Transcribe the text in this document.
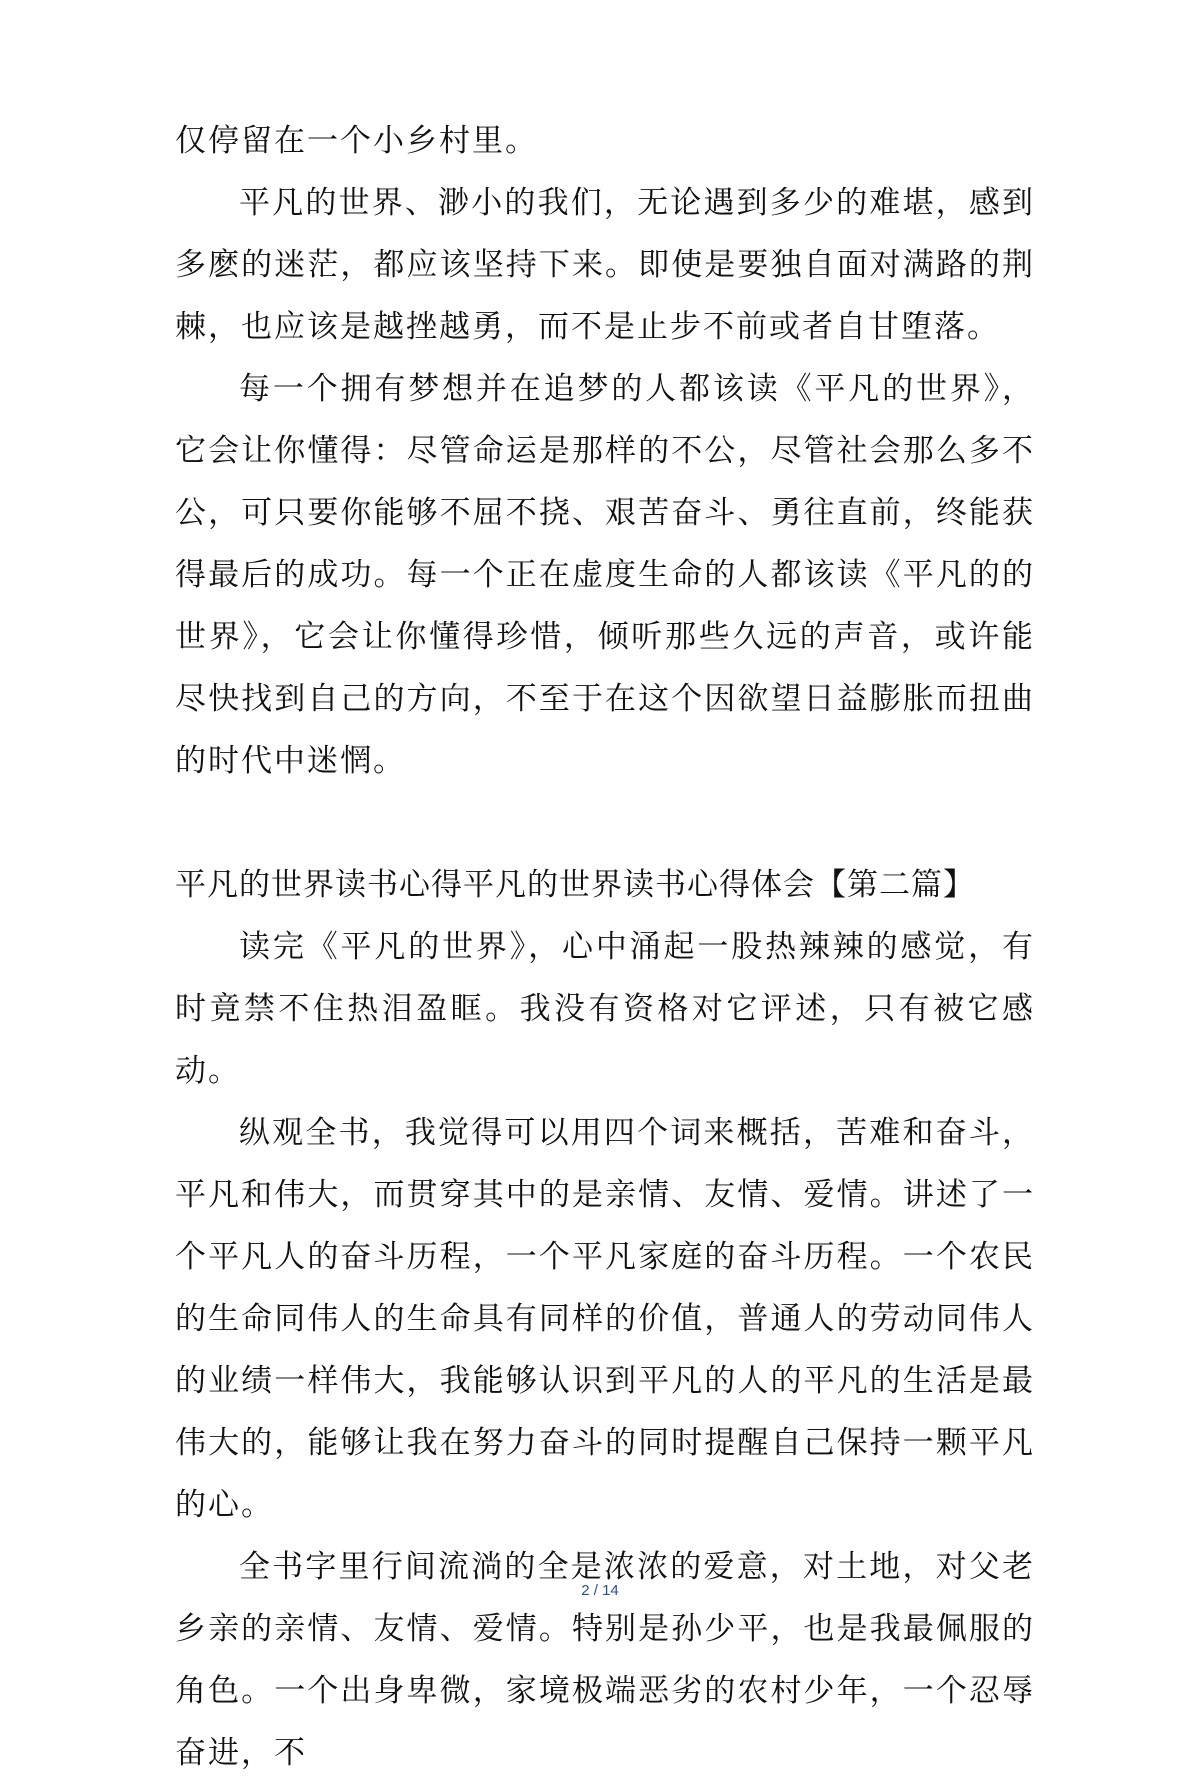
仅停留在一个小乡村里。

平凡的世界、渺小的我们，无论遇到多少的难堪，感到多麽的迷茫，都应该坚持下来。即使是要独自面对满路的荆棘，也应该是越挫越勇，而不是止步不前或者自甘堕落。

每一个拥有梦想并在追梦的人都该读《平凡的世界》，它会让你懂得：尽管命运是那样的不公，尽管社会那么多不公，可只要你能够不屈不挠、艰苦奋斗、勇往直前，终能获得最后的成功。每一个正在虚度生命的人都该读《平凡的的世界》，它会让你懂得珍惜，倾听那些久远的声音，或许能尽快找到自己的方向，不至于在这个因欲望日益膨胀而扭曲的时代中迷惘。

平凡的世界读书心得平凡的世界读书心得体会【第二篇】

读完《平凡的世界》，心中涌起一股热辣辣的感觉，有时竟禁不住热泪盈眶。我没有资格对它评述，只有被它感动。

纵观全书，我觉得可以用四个词来概括，苦难和奋斗，平凡和伟大，而贯穿其中的是亲情、友情、爱情。讲述了一个平凡人的奋斗历程，一个平凡家庭的奋斗历程。一个农民的生命同伟人的生命具有同样的价值，普通人的劳动同伟人的业绩一样伟大，我能够认识到平凡的人的平凡的生活是最伟大的，能够让我在努力奋斗的同时提醒自己保持一颗平凡的心。

全书字里行间流淌的全是浓浓的爱意，对土地，对父老乡亲的亲情、友情、爱情。特别是孙少平，也是我最佩服的角色。一个出身卑微，家境极端恶劣的农村少年，一个忍辱奋进，不

2 / 14
